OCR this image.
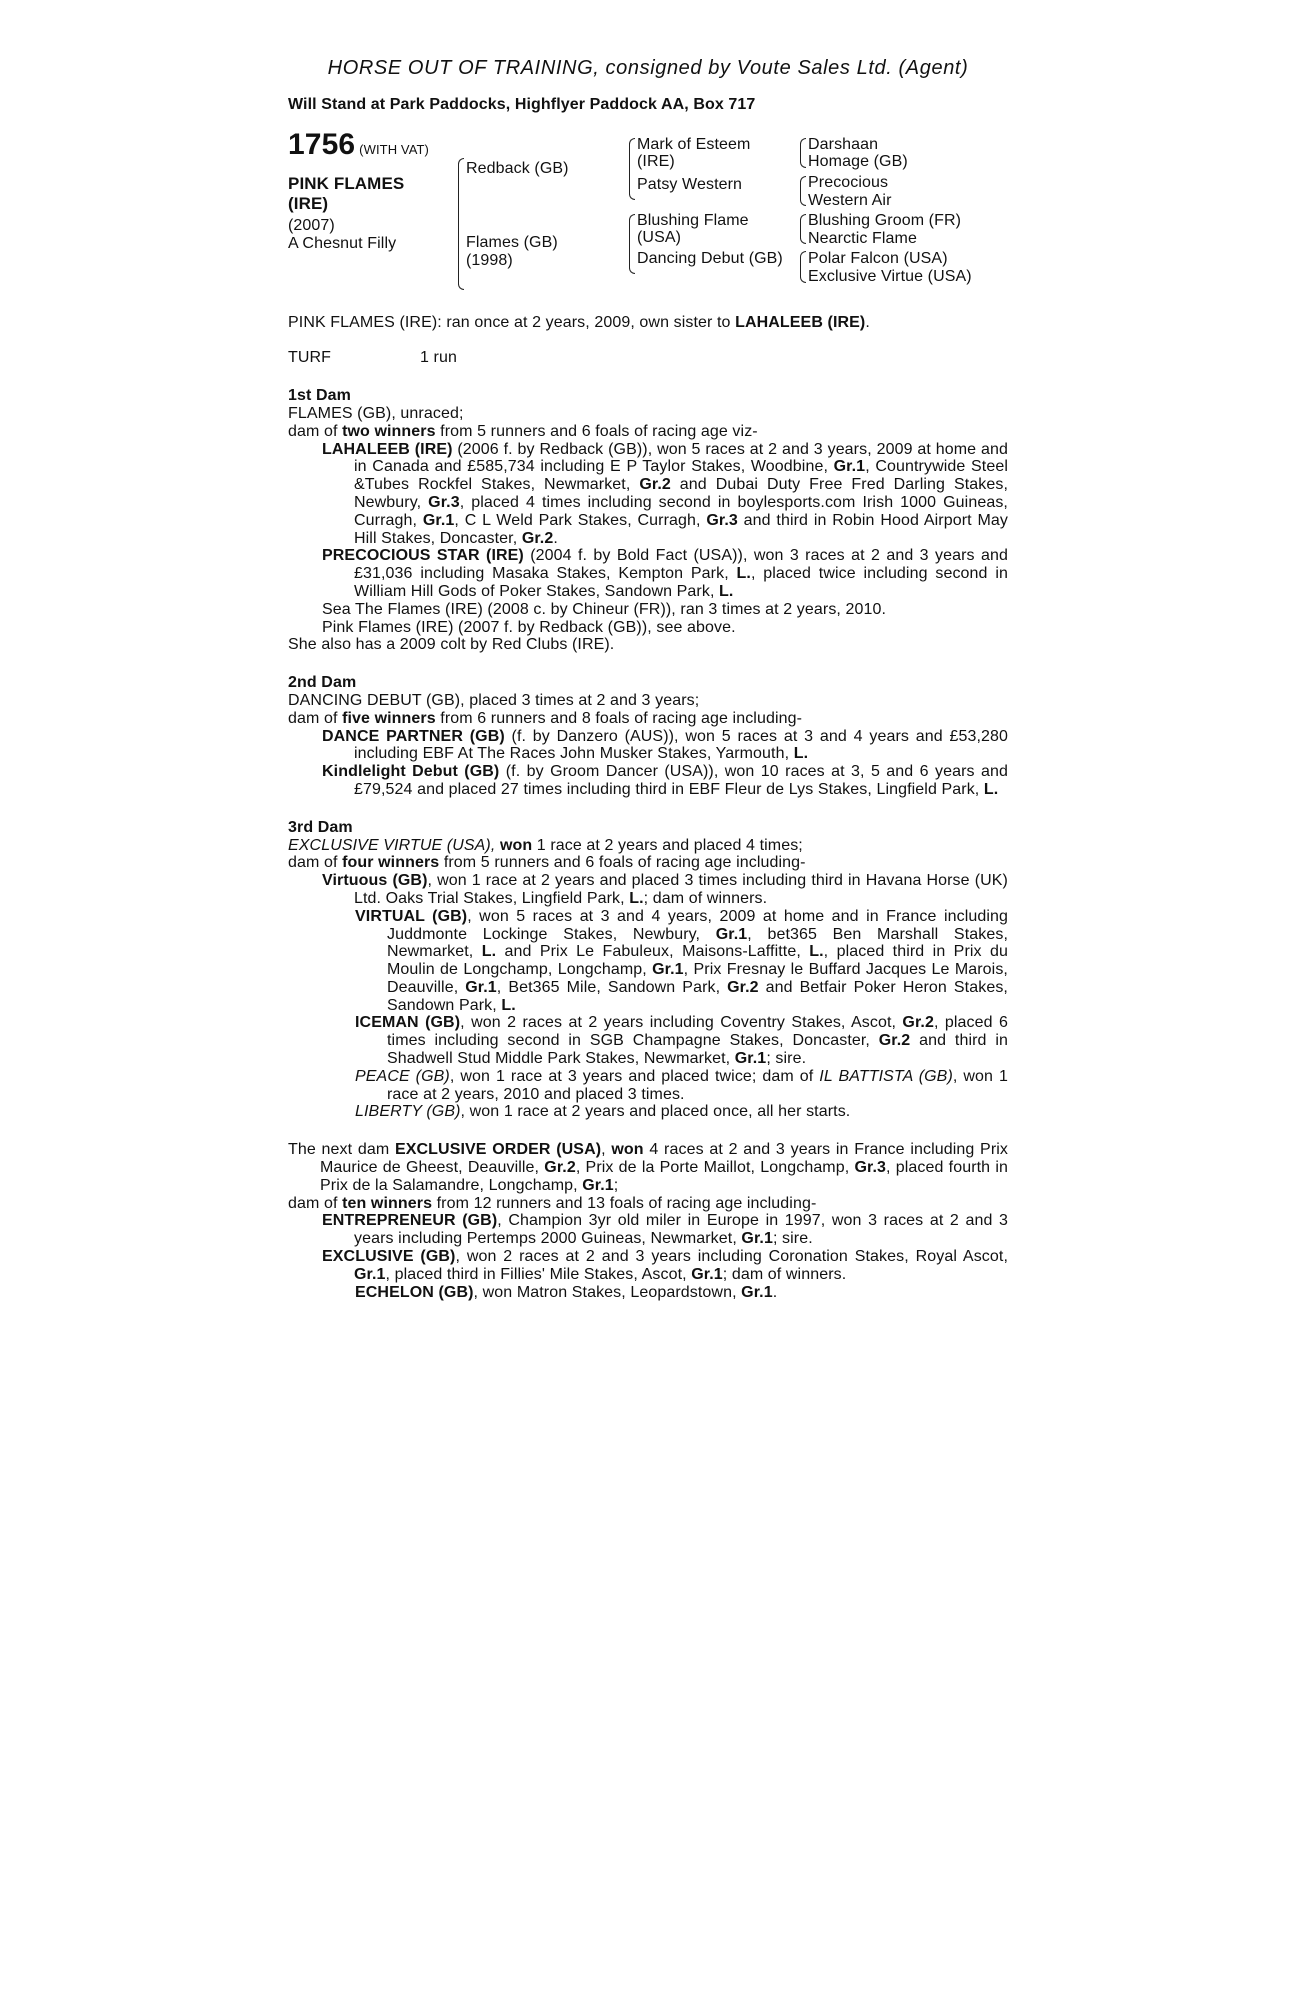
HORSE OUT OF TRAINING, consigned by Voute Sales Ltd. (Agent)
Will Stand at Park Paddocks, Highflyer Paddock AA, Box 717
1756 (WITH VAT)
PINK FLAMES
(IRE)
(2007)
A Chesnut Filly
Redback (GB)
Flames (GB)
(1998)
Mark of Esteem
(IRE)
Patsy Western
Blushing Flame
(USA)
Dancing Debut (GB)
Darshaan
Homage (GB)
Precocious
Western Air
Blushing Groom (FR)
Nearctic Flame
Polar Falcon (USA)
Exclusive Virtue (USA)

PINK FLAMES (IRE): ran once at 2 years, 2009, own sister to LAHALEEB (IRE).

TURF	1 run

1st Dam
FLAMES (GB), unraced;
dam of two winners from 5 runners and 6 foals of racing age viz-

LAHALEEB (IRE) (2006 f. by Redback (GB)), won 5 races at 2 and 3 years, 2009 at home and in Canada and £585,734 including E P Taylor Stakes, Woodbine, Gr.1, Countrywide Steel &Tubes Rockfel Stakes, Newmarket, Gr.2 and Dubai Duty Free Fred Darling Stakes, Newbury, Gr.3, placed 4 times including second in boylesports.com Irish 1000 Guineas, Curragh, Gr.1, C L Weld Park Stakes, Curragh, Gr.3 and third in Robin Hood Airport May Hill Stakes, Doncaster, Gr.2.

PRECOCIOUS STAR (IRE) (2004 f. by Bold Fact (USA)), won 3 races at 2 and 3 years and £31,036 including Masaka Stakes, Kempton Park, L., placed twice including second in William Hill Gods of Poker Stakes, Sandown Park, L.

Sea The Flames (IRE) (2008 c. by Chineur (FR)), ran 3 times at 2 years, 2010.

Pink Flames (IRE) (2007 f. by Redback (GB)), see above.

She also has a 2009 colt by Red Clubs (IRE).

2nd Dam
DANCING DEBUT (GB), placed 3 times at 2 and 3 years;
dam of five winners from 6 runners and 8 foals of racing age including-

DANCE PARTNER (GB) (f. by Danzero (AUS)), won 5 races at 3 and 4 years and £53,280 including EBF At The Races John Musker Stakes, Yarmouth, L.

Kindlelight Debut (GB) (f. by Groom Dancer (USA)), won 10 races at 3, 5 and 6 years and £79,524 and placed 27 times including third in EBF Fleur de Lys Stakes, Lingfield Park, L.

3rd Dam
EXCLUSIVE VIRTUE (USA), won 1 race at 2 years and placed 4 times;
dam of four winners from 5 runners and 6 foals of racing age including-

Virtuous (GB), won 1 race at 2 years and placed 3 times including third in Havana Horse (UK) Ltd. Oaks Trial Stakes, Lingfield Park, L.; dam of winners.

VIRTUAL (GB), won 5 races at 3 and 4 years, 2009 at home and in France including Juddmonte Lockinge Stakes, Newbury, Gr.1, bet365 Ben Marshall Stakes, Newmarket, L. and Prix Le Fabuleux, Maisons-Laffitte, L., placed third in Prix du Moulin de Longchamp, Longchamp, Gr.1, Prix Fresnay le Buffard Jacques Le Marois, Deauville, Gr.1, Bet365 Mile, Sandown Park, Gr.2 and Betfair Poker Heron Stakes, Sandown Park, L.

ICEMAN (GB), won 2 races at 2 years including Coventry Stakes, Ascot, Gr.2, placed 6 times including second in SGB Champagne Stakes, Doncaster, Gr.2 and third in Shadwell Stud Middle Park Stakes, Newmarket, Gr.1; sire.

PEACE (GB), won 1 race at 3 years and placed twice; dam of IL BATTISTA (GB), won 1 race at 2 years, 2010 and placed 3 times.

LIBERTY (GB), won 1 race at 2 years and placed once, all her starts.

The next dam EXCLUSIVE ORDER (USA), won 4 races at 2 and 3 years in France including Prix Maurice de Gheest, Deauville, Gr.2, Prix de la Porte Maillot, Longchamp, Gr.3, placed fourth in Prix de la Salamandre, Longchamp, Gr.1;

dam of ten winners from 12 runners and 13 foals of racing age including-

ENTREPRENEUR (GB), Champion 3yr old miler in Europe in 1997, won 3 races at 2 and 3 years including Pertemps 2000 Guineas, Newmarket, Gr.1; sire.

EXCLUSIVE (GB), won 2 races at 2 and 3 years including Coronation Stakes, Royal Ascot, Gr.1, placed third in Fillies' Mile Stakes, Ascot, Gr.1; dam of winners.

ECHELON (GB), won Matron Stakes, Leopardstown, Gr.1.
